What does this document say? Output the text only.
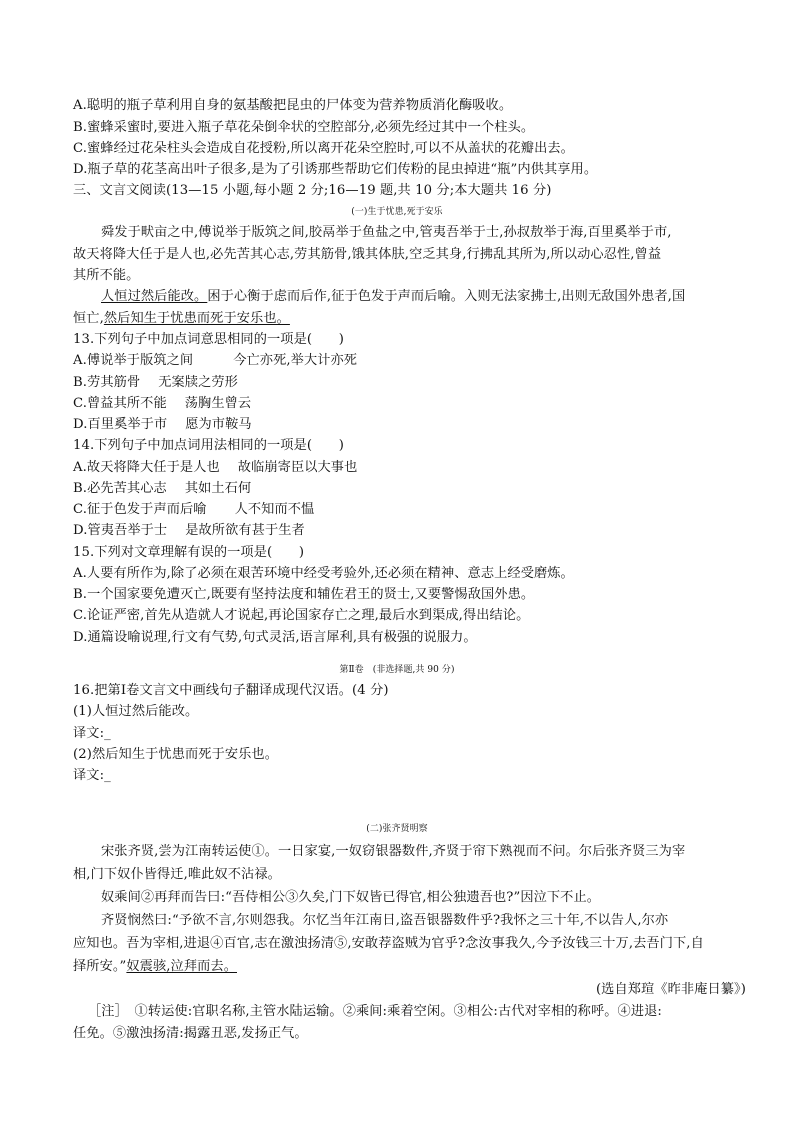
A.聪明的瓶子草利用自身的氨基酸把昆虫的尸体变为营养物质消化酶吸收。
B.蜜蜂采蜜时,要进入瓶子草花朵倒伞状的空腔部分,必须先经过其中一个柱头。
C.蜜蜂经过花朵柱头会造成自花授粉,所以离开花朵空腔时,可以不从盖状的花瓣出去。
D.瓶子草的花茎高出叶子很多,是为了引诱那些帮助它们传粉的昆虫掉进“瓶”内供其享用。
三、文言文阅读(13—15 小题,每小题 2 分;16—19 题,共 10 分;本大题共 16 分)
(一)生于忧患,死于安乐
舜发于畎亩之中,傅说举于版筑之间,胶鬲举于鱼盐之中,管夷吾举于士,孙叔敖举于海,百里奚举于市,
故天将降大任于是人也,必先苦其心志,劳其筋骨,饿其体肤,空乏其身,行拂乱其所为,所以动心忍性,曾益
其所不能。
人恒过然后能改。困于心衡于虑而后作,征于色发于声而后喻。入则无法家拂士,出则无敌国外患者,国
恒亡,然后知生于忧患而死于安乐也。
13.下列句子中加点词意思相同的一项是(　　)
A.傅说举于版筑之间	今亡亦死,举大计亦死
B.劳其筋骨 无案牍之劳形
C.曾益其所不能 荡胸生曾云
D.百里奚举于市 愿为市鞍马
14.下列句子中加点词用法相同的一项是(　　)
A.故天将降大任于是人也 故临崩寄臣以大事也
B.必先苦其心志 其如土石何
C.征于色发于声而后喻 人不知而不愠
D.管夷吾举于士 是故所欲有甚于生者
15.下列对文章理解有误的一项是(　　)
A.人要有所作为,除了必须在艰苦环境中经受考验外,还必须在精神、意志上经受磨炼。
B.一个国家要免遭灭亡,既要有坚持法度和辅佐君王的贤士,又要警惕敌国外患。
C.论证严密,首先从造就人才说起,再论国家存亡之理,最后水到渠成,得出结论。
D.通篇设喻说理,行文有气势,句式灵活,语言犀利,具有极强的说服力。
第Ⅱ卷　(非选择题,共 90 分)
16.把第Ⅰ卷文言文中画线句子翻译成现代汉语。(4 分)
(1)人恒过然后能改。
译文:_
(2)然后知生于忧患而死于安乐也。
译文:_
(二)张齐贤明察
宋张齐贤,尝为江南转运使①。一日家宴,一奴窃银器数件,齐贤于帘下熟视而不问。尔后张齐贤三为宰
相,门下奴仆皆得迁,唯此奴不沾禄。
奴乘间②再拜而告曰:“吾侍相公③久矣,门下奴皆已得官,相公独遗吾也?”因泣下不止。
齐贤悯然曰:“予欲不言,尔则怨我。尔忆当年江南日,盗吾银器数件乎?我怀之三十年,不以告人,尔亦
应知也。吾为宰相,进退④百官,志在激浊扬清⑤,安敢荐盗贼为官乎?念汝事我久,今予汝钱三十万,去吾门下,自
择所安。”奴震骇,泣拜而去。
(选自郑瑄《昨非庵日纂》)
［注］　①转运使:官职名称,主管水陆运输。②乘间:乘着空闲。③相公:古代对宰相的称呼。④进退:
任免。⑤激浊扬清:揭露丑恶,发扬正气。
